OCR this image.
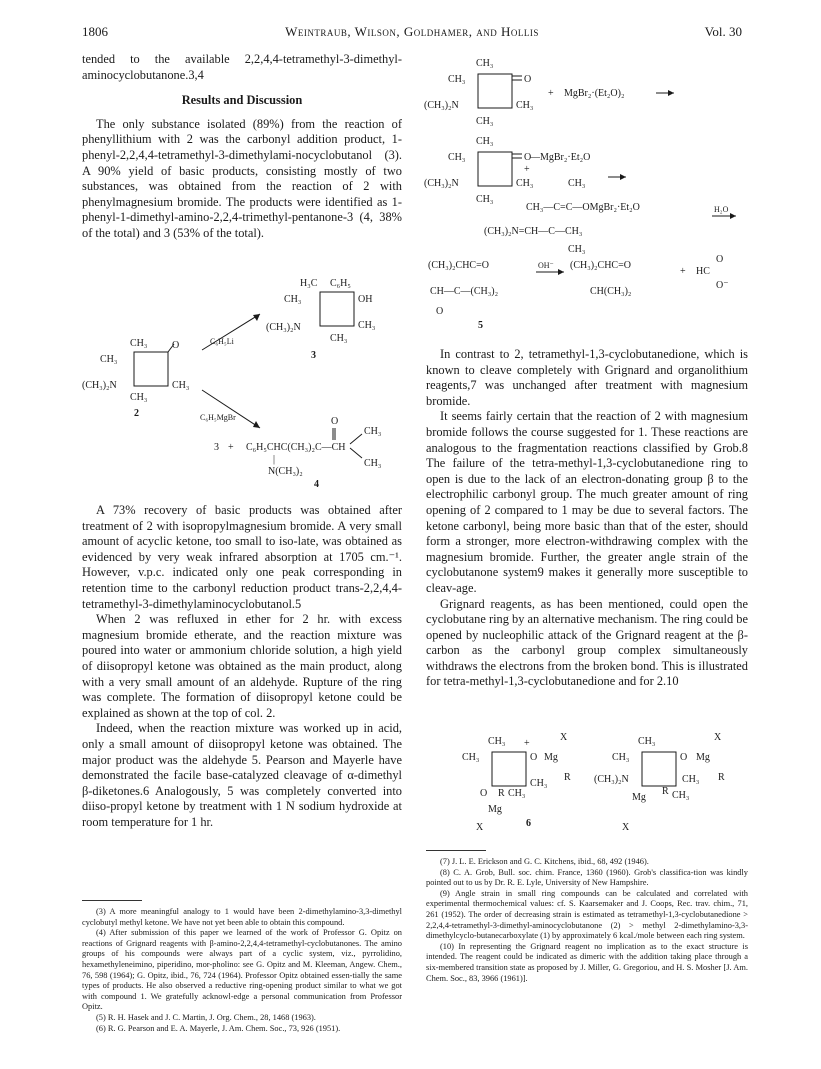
1806	Weintraub, Wilson, Goldhamer, and Hollis	Vol. 30

tended to the available 2,2,4,4-tetramethyl-3-dimethyl-aminocyclobutanone.3,4

Results and Discussion

The only substance isolated (89%) from the reaction of phenyllithium with 2 was the carbonyl addition product, 1-phenyl-2,2,4,4-tetramethyl-3-dimethylami-nocyclobutanol (3). A 90% yield of basic products, consisting mostly of two substances, was obtained from the reaction of 2 with phenylmagnesium bromide. The products were identified as 1-phenyl-1-dimethyl-amino-2,2,4-trimethyl-pentanone-3 (4, 38% of the total) and 3 (53% of the total).

H₃C C₆H₅
CH₃	OH
(CH₃)₂N	CH₃
CH₃
3
CH₃ O
CH₃
(CH₃)₂N	CH₃
CH₃
2
C₆H₅Li
C₆H₅MgBr
3 + C₆H₅CHC(CH₃)₂C—CH
O
CH₃
CH₃
|
N(CH₃)₂
4

A 73% recovery of basic products was obtained after treatment of 2 with isopropylmagnesium bromide. A very small amount of acyclic ketone, too small to iso-late, was obtained as evidenced by very weak infrared absorption at 1705 cm.⁻¹. However, v.p.c. indicated only one peak corresponding in retention time to the carbonyl reduction product trans-2,2,4,4-tetramethyl-3-dimethylaminocyclobutanol.5

When 2 was refluxed in ether for 2 hr. with excess magnesium bromide etherate, and the reaction mixture was poured into water or ammonium chloride solution, a high yield of diisopropyl ketone was obtained as the main product, along with a very small amount of an aldehyde. Rupture of the ring was complete. The formation of diisopropyl ketone could be explained as shown at the top of col. 2.

Indeed, when the reaction mixture was worked up in acid, only a small amount of diisopropyl ketone was obtained. The major product was the aldehyde 5. Pearson and Mayerle have demonstrated the facile base-catalyzed cleavage of α-dimethyl β-diketones.6 Analogously, 5 was completely converted into diiso-propyl ketone by treatment with 1 N sodium hydroxide at room temperature for 1 hr.

(3) A more meaningful analogy to 1 would have been 2-dimethylamino-3,3-dimethyl cyclobutyl methyl ketone. We have not yet been able to obtain this compound.

(4) After submission of this paper we learned of the work of Professor G. Opitz on reactions of Grignard reagents with β-amino-2,2,4,4-tetramethyl-cyclobutanones. The amino groups of his compounds were always part of a cyclic system, viz., pyrrolidino, hexamethyleneimino, piperidino, mor-pholino: see G. Opitz and M. Kleeman, Angew. Chem., 76, 598 (1964); G. Opitz, ibid., 76, 724 (1964). Professor Opitz obtained essen-tially the same types of products. He also observed a reductive ring-opening product similar to what we got with compound 1. We gratefully acknowl-edge a personal communication from Professor Opitz.

(5) R. H. Hasek and J. C. Martin, J. Org. Chem., 28, 1468 (1963).

(6) R. G. Pearson and E. A. Mayerle, J. Am. Chem. Soc., 73, 926 (1951).

CH₃
O
CH₃
(CH₃)₂N	CH₃
CH₃
+ MgBr₂·(Et₂O)₂
CH₃
O
—MgBr₂·Et₂O
CH₃
(CH₃)₂N	CH₃
CH₃
+
CH₃
CH₃—C=C—OMgBr₂·Et₂O
(CH₃)₂N=CH—C—CH₃
CH₃
H₂O
(CH₃)₂CHC=O
CH—C—(CH₃)₂
O
OH⁻ (CH₃)₂CHC=O
CH(CH₃)₂
+ HC
O
O⁻
5

In contrast to 2, tetramethyl-1,3-cyclobutanedione, which is known to cleave completely with Grignard and organolithium reagents,7 was unchanged after treatment with magnesium bromide.

It seems fairly certain that the reaction of 2 with magnesium bromide follows the course suggested for 1. These reactions are analogous to the fragmentation reactions classified by Grob.8 The failure of the tetra-methyl-1,3-cyclobutanedione ring to open is due to the lack of an electron-donating group β to the electrophilic carbonyl group. The much greater amount of ring opening of 2 compared to 1 may be due to several factors. The ketone carbonyl, being more basic than that of the ester, should form a stronger, more electron-withdrawing complex with the magnesium bromide. Further, the greater angle strain of the cyclobutanone system9 makes it generally more susceptible to cleav-age.

Grignard reagents, as has been mentioned, could open the cyclobutane ring by an alternative mechanism. The ring could be opened by nucleophilic attack of the Grignard reagent at the β-carbon as the carbonyl group complex simultaneously withdraws the electrons from the broken bond. This is illustrated for tetra-methyl-1,3-cyclobutanedione and for 2.10

CH₃
CH₃
CH₃
O Mg
X
R
+
O R CH₃
Mg
X	6
CH₃
CH₃	O Mg
X
R
(CH₃)₂N	CH₃
R CH₃
Mg
X

(7) J. L. E. Erickson and G. C. Kitchens, ibid., 68, 492 (1946).

(8) C. A. Grob, Bull. soc. chim. France, 1360 (1960). Grob's classifica-tion was kindly pointed out to us by Dr. R. E. Lyle, University of New Hampshire.

(9) Angle strain in small ring compounds can be calculated and correlated with experimental thermochemical values: cf. S. Kaarsemaker and J. Coops, Rec. trav. chim., 71, 261 (1952). The order of decreasing strain is estimated as tetramethyl-1,3-cyclobutanedione > 2,2,4,4-tetramethyl-3-dimethyl-aminocyclobutanone (2) > methyl 2-dimethylamino-3,3-dimethylcyclo-butanecarboxylate (1) by approximately 6 kcal./mole between each ring system.

(10) In representing the Grignard reagent no implication as to the exact structure is intended. The reagent could be indicated as dimeric with the addition taking place through a six-membered transition state as proposed by J. Miller, G. Gregoriou, and H. S. Mosher [J. Am. Chem. Soc., 83, 3966 (1961)].
